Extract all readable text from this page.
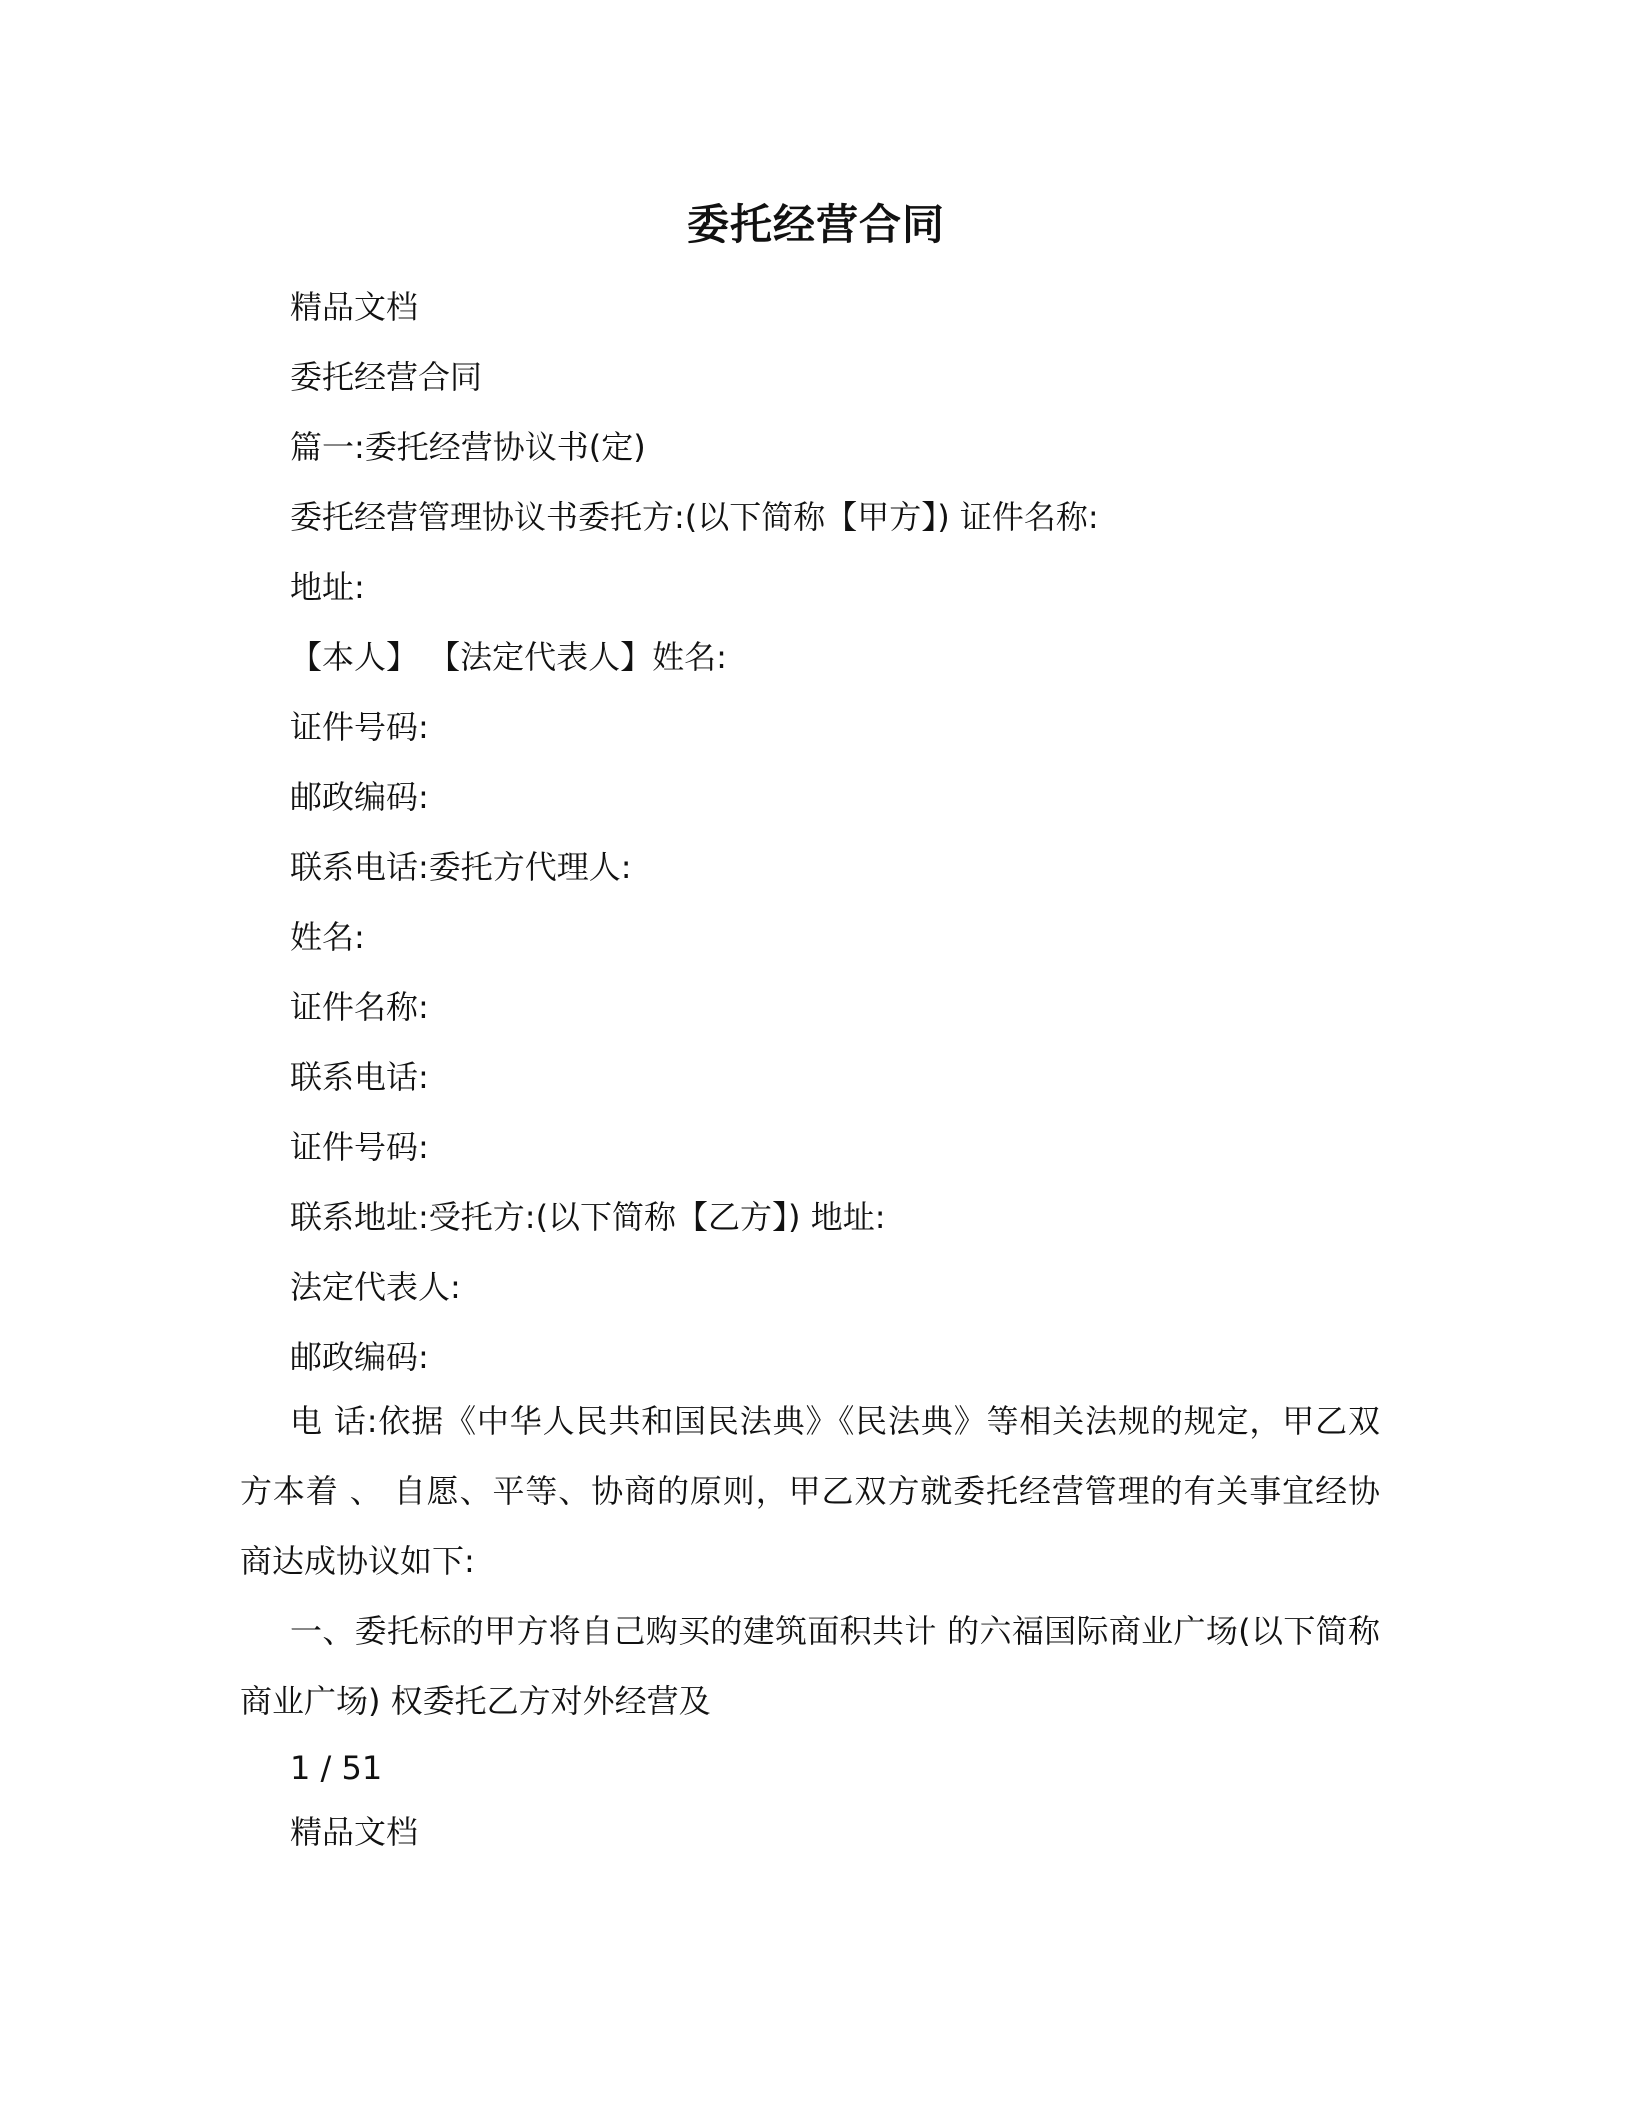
委托经营合同
精品文档
委托经营合同
篇一:委托经营协议书(定)
委托经营管理协议书委托方:(以下简称【甲方】) 证件名称:
地址:
【本人】 【法定代表人】姓名:
证件号码:
邮政编码:
联系电话:委托方代理人:
姓名:
证件名称:
联系电话:
证件号码:
联系地址:受托方:(以下简称【乙方】) 地址:
法定代表人:
邮政编码:
电 话:依据《中华人民共和国民法典》《民法典》等相关法规的规定，甲乙双方本着 、 自愿、平等、协商的原则，甲乙双方就委托经营管理的有关事宜经协商达成协议如下:
一、委托标的甲方将自己购买的建筑面积共计 的六福国际商业广场(以下简称商业广场) 权委托乙方对外经营及
1 / 51
精品文档
